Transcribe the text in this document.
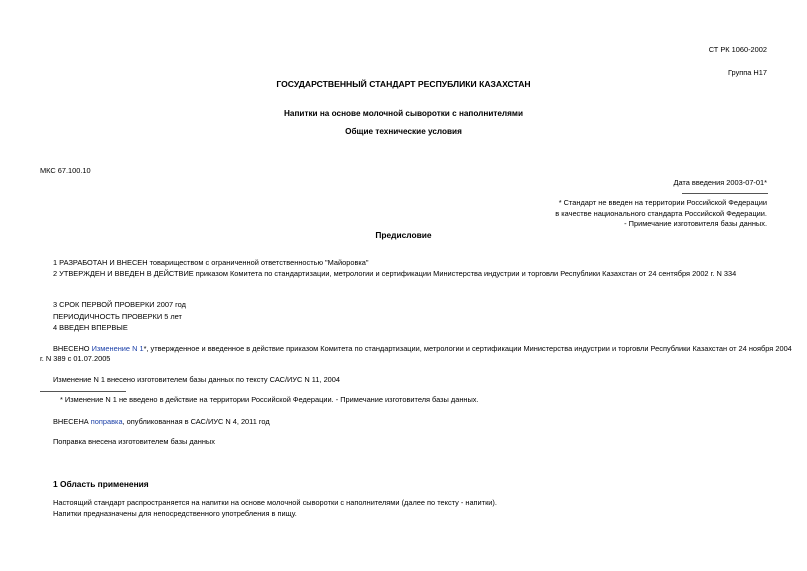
СТ РК 1060-2002
Группа Н17
ГОСУДАРСТВЕННЫЙ СТАНДАРТ РЕСПУБЛИКИ КАЗАХСТАН
Напитки на основе молочной сыворотки с наполнителями
Общие технические условия
МКС 67.100.10
Дата введения 2003-07-01*
* Стандарт не введен на территории Российской Федерации
в качестве национального стандарта Российской Федерации.
- Примечание изготовителя базы данных.
Предисловие
1 РАЗРАБОТАН И ВНЕСЕН товариществом с ограниченной ответственностью "Майоровка"
2 УТВЕРЖДЕН И ВВЕДЕН В ДЕЙСТВИЕ приказом Комитета по стандартизации, метрологии и сертификации Министерства индустрии и торговли Республики Казахстан от 24 сентября 2002 г. N 334
3 СРОК ПЕРВОЙ ПРОВЕРКИ 2007 год
ПЕРИОДИЧНОСТЬ ПРОВЕРКИ 5 лет
4 ВВЕДЕН ВПЕРВЫЕ
ВНЕСЕНО Изменение N 1*, утвержденное и введенное в действие приказом Комитета по стандартизации, метрологии и сертификации Министерства индустрии и торговли Республики Казахстан от 24 ноября 2004
г. N 389 с 01.07.2005
Изменение N 1 внесено изготовителем базы данных по тексту САС/ИУС N 11, 2004
* Изменение N 1 не введено в действие на территории Российской Федерации. - Примечание изготовителя базы данных.
ВНЕСЕНА поправка, опубликованная в САС/ИУС N 4, 2011 год
Поправка внесена изготовителем базы данных
1 Область применения
Настоящий стандарт распространяется на напитки на основе молочной сыворотки с наполнителями (далее по тексту - напитки).
Напитки предназначены для непосредственного употребления в пищу.
